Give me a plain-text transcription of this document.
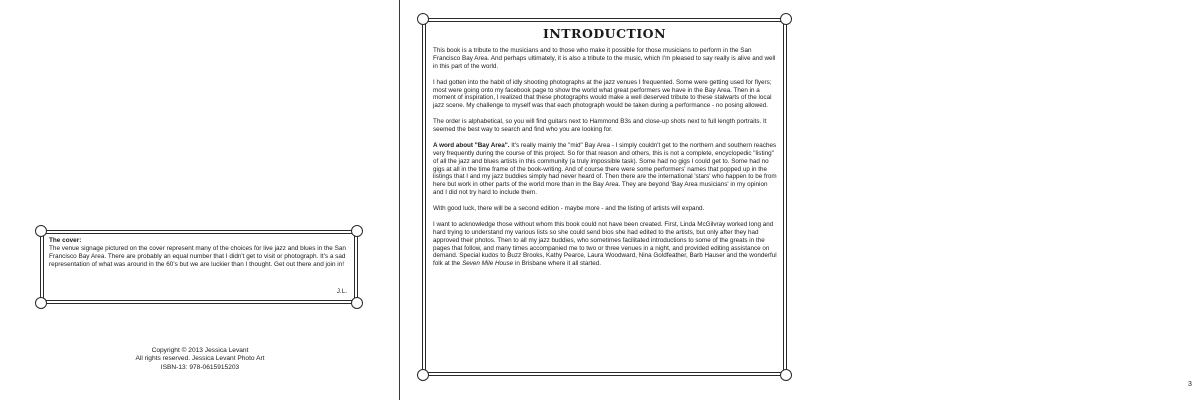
The cover:
The venue signage pictured on the cover represent many of the choices for live jazz and blues in the San Francisco Bay Area. There are probably an equal number that I didn't get to visit or photograph. It's a sad representation of what was around in the 60's but we are luckier than I thought. Get out there and join in!
J.L.
Copyright © 2013 Jessica Levant
All rights reserved. Jessica Levant Photo Art
ISBN-13: 978-0615915203
INTRODUCTION

This book is a tribute to the musicians and to those who make it possible for those musicians to perform in the San Francisco Bay Area. And perhaps ultimately, it is also a tribute to the music, which I'm pleased to say really is alive and well in this part of the world.

I had gotten into the habit of idly shooting photographs at the jazz venues I frequented. Some were getting used for flyers; most were going onto my facebook page to show the world what great performers we have in the Bay Area. Then in a moment of inspiration, I realized that these photographs would make a well deserved tribute to these stalwarts of the local jazz scene. My challenge to myself was that each photograph would be taken during a performance - no posing allowed.

The order is alphabetical, so you will find guitars next to Hammond B3s and close-up shots next to full length portraits. It seemed the best way to search and find who you are looking for.

A word about "Bay Area". It's really mainly the "mid" Bay Area - I simply couldn't get to the northern and southern reaches very frequently during the course of this project. So for that reason and others, this is not a complete, encyclopedic "listing" of all the jazz and blues artists in this community (a truly impossible task). Some had no gigs I could get to. Some had no gigs at all in the time frame of the book-writing. And of course there were some performers' names that popped up in the listings that I and my jazz buddies simply had never heard of. Then there are the international 'stars' who happen to be from here but work in other parts of the world more than in the Bay Area. They are beyond 'Bay Area musicians' in my opinion and I did not try hard to include them.

With good luck, there will be a second edition - maybe more - and the listing of artists will expand.

I want to acknowledge those without whom this book could not have been created. First, Linda McGilvray worked long and hard trying to understand my various lists so she could send bios she had edited to the artists, but only after they had approved their photos. Then to all my jazz buddies, who sometimes facilitated introductions to some of the greats in the pages that follow, and many times accompanied me to two or three venues in a night, and provided editing assistance on demand. Special kudos to Buzz Brooks, Kathy Pearce, Laura Woodward, Nina Goldfeather, Barb Hauser and the wonderful folk at the Seven Mile House in Brisbane where it all started.

3
